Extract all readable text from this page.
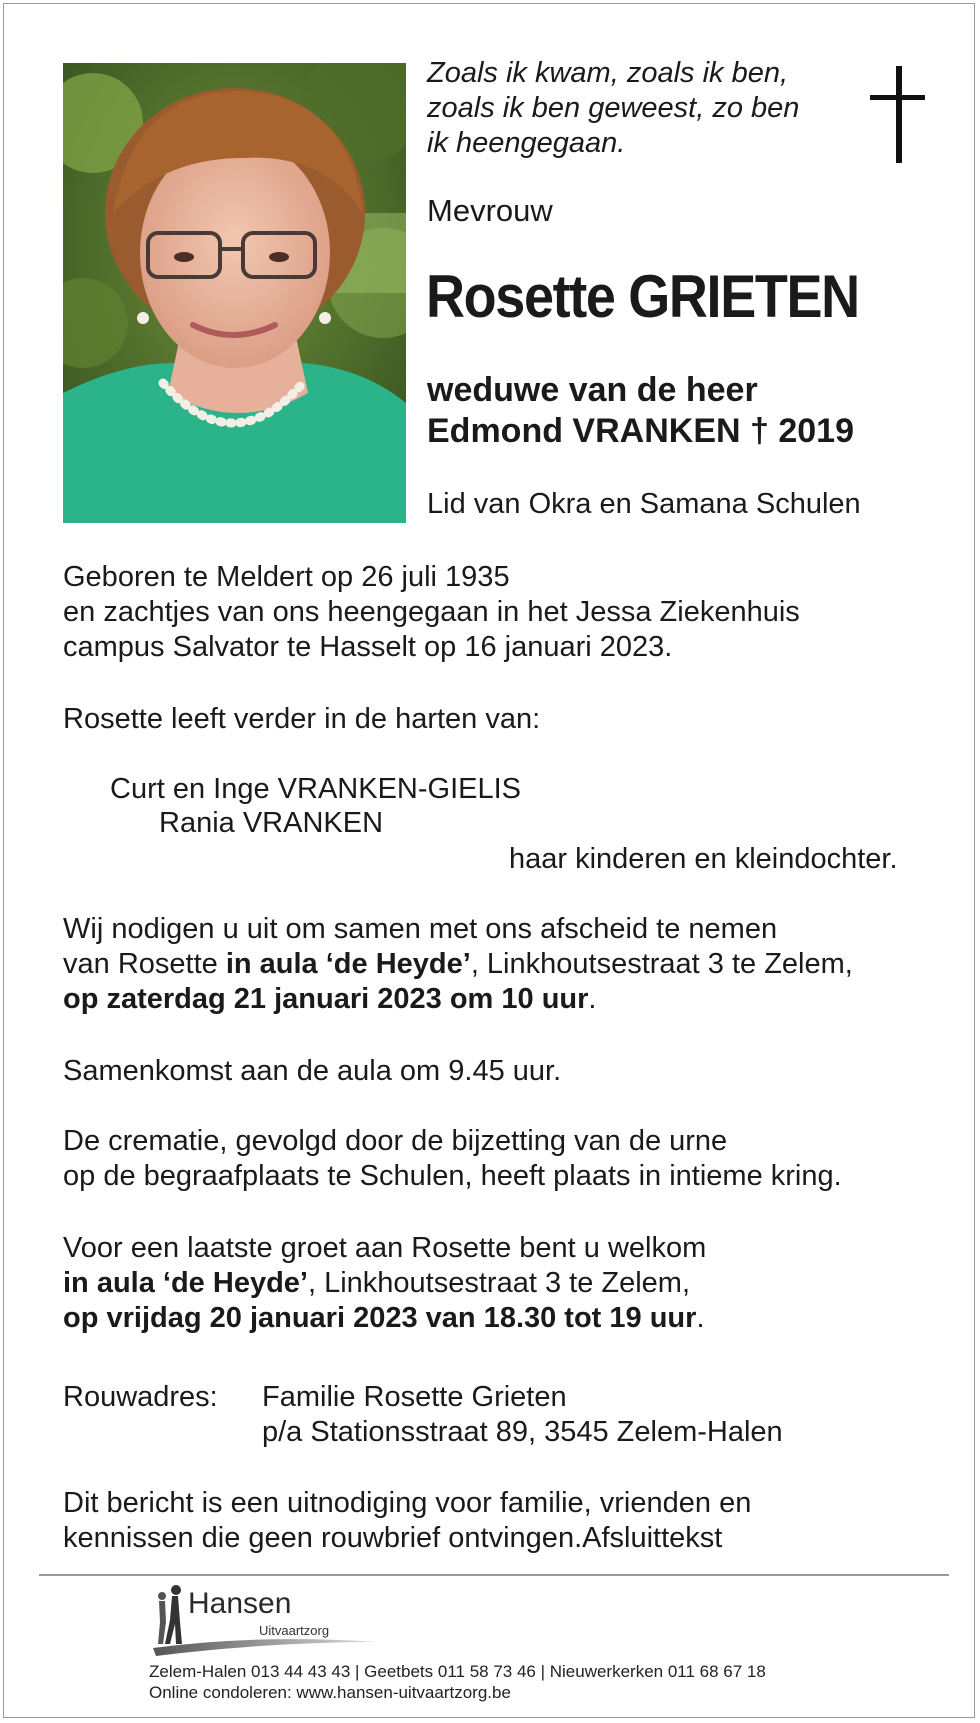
Zoals ik kwam, zoals ik ben,
zoals ik ben geweest, zo ben
ik heengegaan.
Mevrouw
Rosette GRIETEN
weduwe van de heer
Edmond VRANKEN † 2019
Lid van Okra en Samana Schulen
Geboren te Meldert op 26 juli 1935
en zachtjes van ons heengegaan in het Jessa Ziekenhuis
campus Salvator te Hasselt op 16 januari 2023.
Rosette leeft verder in de harten van:
Curt en Inge VRANKEN-GIELIS
Rania VRANKEN
haar kinderen en kleindochter.
Wij nodigen u uit om samen met ons afscheid te nemen
van Rosette in aula ‘de Heyde’, Linkhoutsestraat 3 te Zelem,
op zaterdag 21 januari 2023 om 10 uur.
Samenkomst aan de aula om 9.45 uur.
De crematie, gevolgd door de bijzetting van de urne
op de begraafplaats te Schulen, heeft plaats in intieme kring.
Voor een laatste groet aan Rosette bent u welkom
in aula ‘de Heyde’, Linkhoutsestraat 3 te Zelem,
op vrijdag 20 januari 2023 van 18.30 tot 19 uur.
Rouwadres: Familie Rosette Grieten
p/a Stationsstraat 89, 3545 Zelem-Halen
Dit bericht is een uitnodiging voor familie, vrienden en
kennissen die geen rouwbrief ontvingen.Afsluittekst
Hansen
Uitvaartzorg
Zelem-Halen 013 44 43 43 | Geetbets 011 58 73 46 | Nieuwerkerken 011 68 67 18
Online condoleren: www.hansen-uitvaartzorg.be
